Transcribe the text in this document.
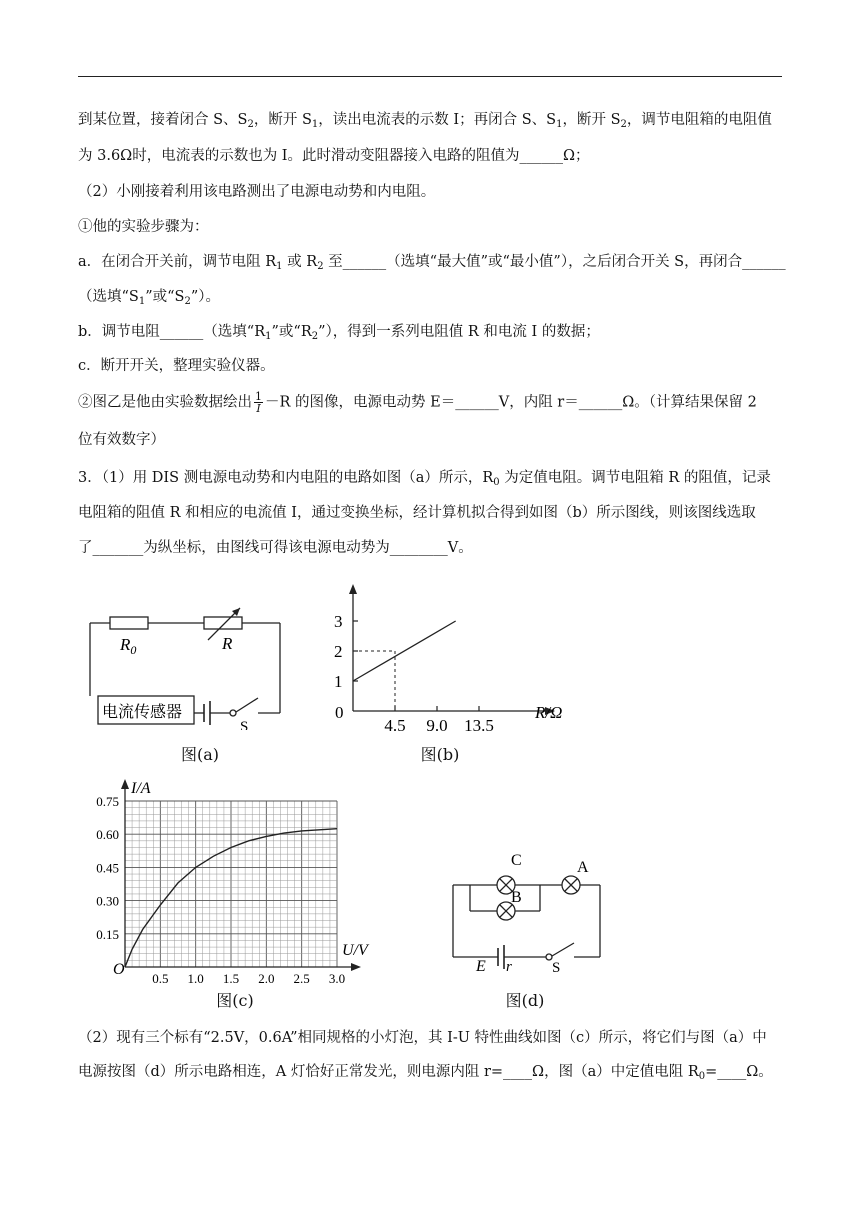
到某位置，接着闭合 S、$S_2$，断开 $S_1$，读出电流表的示数 I；再闭合 S、$S_1$，断开 $S_2$，调节电阻箱的电阻值
为 3.6Ω时，电流表的示数也为 I。此时滑动变阻器接入电路的阻值为______Ω；
（2）小刚接着利用该电路测出了电源电动势和内电阻。
①他的实验步骤为：
a．在闭合开关前，调节电阻 $R_1$ 或 $R_2$ 至______（选填“最大值”或“最小值”），之后闭合开关 S，再闭合______
（选填“$S_1$”或“$S_2$”）。
b．调节电阻______（选填“$R_1$”或“$R_2$”），得到一系列电阻值 R 和电流 I 的数据；
c．断开开关，整理实验仪器。
②图乙是他由实验数据绘出 $\frac{1}{I} -R$ 的图像，电源电动势 E＝______V，内阻 r＝______Ω。（计算结果保留 2
位有效数字）
3．（1）用 DIS 测电源电动势和内电阻的电路如图（a）所示，$R_0$ 为定值电阻。调节电阻箱 R 的阻值，记录
电阻箱的阻值 R 和相应的电流值 I，通过变换坐标，经计算机拟合得到如图（b）所示图线，则该图线选取
了_______为纵坐标，由图线可得该电源电动势为________V。
$R_0$	R
电流传感器
S
图(a)
1
2
3
4.5 9.0 13.5
0	R/Ω
图(b)
0.15
0.30
0.45
0.60
0.75
0.5 1.0 1.5 2.0 2.5 3.0
O
I/A
U/V
图(c)
C
B
A
E r	S
图(d)
（2）现有三个标有“2.5V，0.6A”相同规格的小灯泡，其 I-U 特性曲线如图（c）所示，将它们与图（a）中
电源按图（d）所示电路相连，A 灯恰好正常发光，则电源内阻 r=____Ω，图（a）中定值电阻 $R_0=\_\_\_\_\Omega$。
